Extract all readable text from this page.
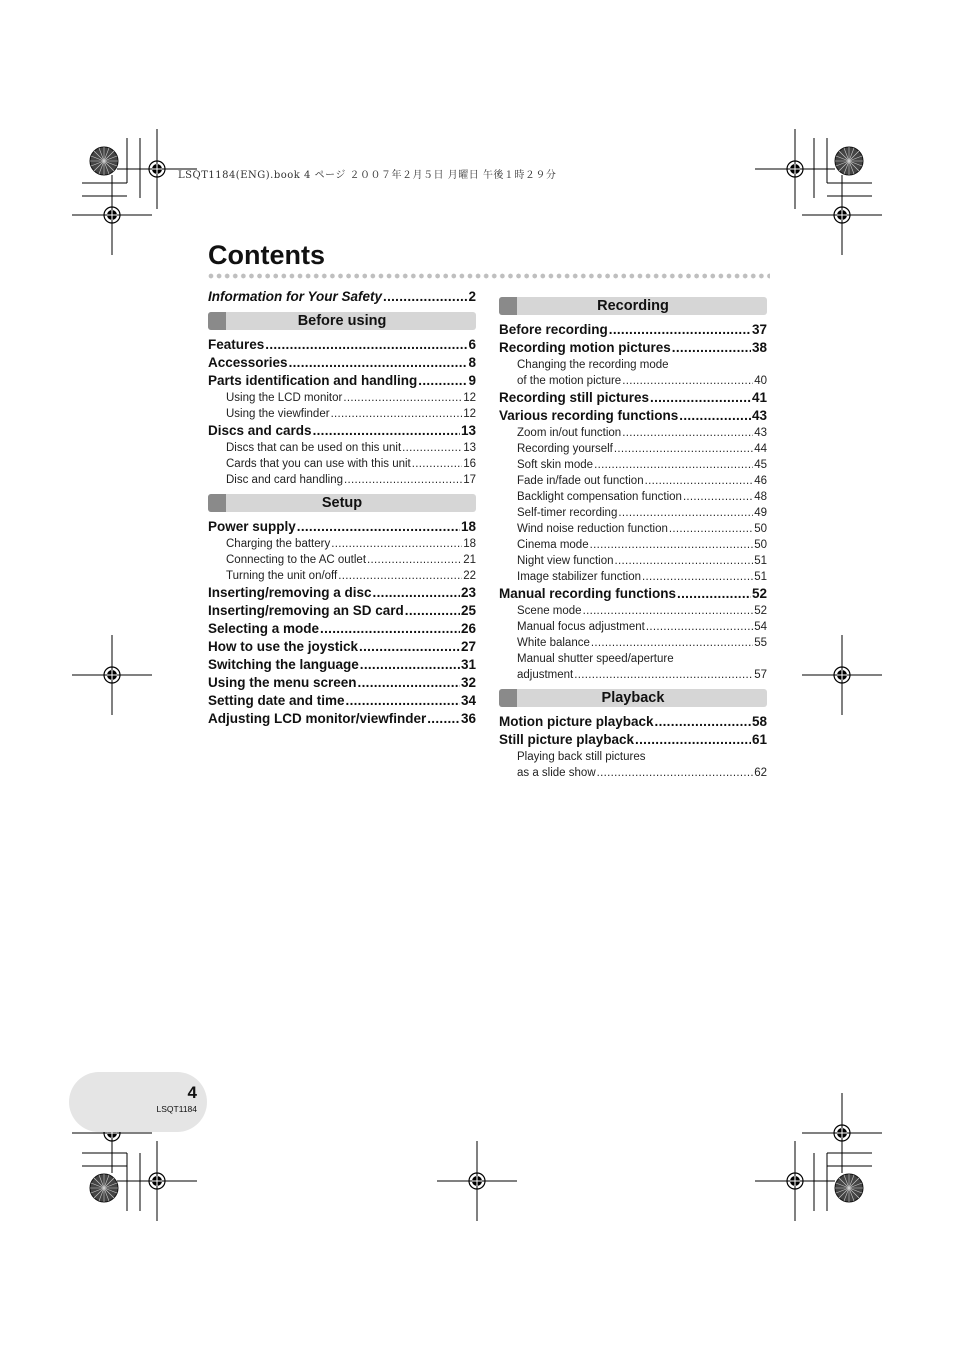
LSQT1184(ENG).book 4 ページ ２００７年２月５日 月曜日 午後１時２９分
Contents
Information for Your Safety .....	2
Before using
Features .....	6
Accessories .....	8
Parts identification and handling .....	9
Using the LCD monitor .....	12
Using the viewfinder .....	12
Discs and cards .....	13
Discs that can be used on this unit .....	13
Cards that you can use with this unit .....	16
Disc and card handling .....	17
Setup
Power supply .....	18
Charging the battery .....	18
Connecting to the AC outlet .....	21
Turning the unit on/off .....	22
Inserting/removing a disc .....	23
Inserting/removing an SD card .....	25
Selecting a mode .....	26
How to use the joystick .....	27
Switching the language .....	31
Using the menu screen .....	32
Setting date and time .....	34
Adjusting LCD monitor/viewfinder .....	36
Recording
Before recording .....	37
Recording motion pictures .....	38
Changing the recording mode
of the motion picture .....	40
Recording still pictures .....	41
Various recording functions .....	43
Zoom in/out function .....	43
Recording yourself .....	44
Soft skin mode .....	45
Fade in/fade out function .....	46
Backlight compensation function .....	48
Self-timer recording .....	49
Wind noise reduction function .....	50
Cinema mode .....	50
Night view function .....	51
Image stabilizer function .....	51
Manual recording functions .....	52
Scene mode .....	52
Manual focus adjustment .....	54
White balance .....	55
Manual shutter speed/aperture
adjustment .....	57
Playback
Motion picture playback .....	58
Still picture playback .....	61
Playing back still pictures
as a slide show .....	62
4
LSQT1184
